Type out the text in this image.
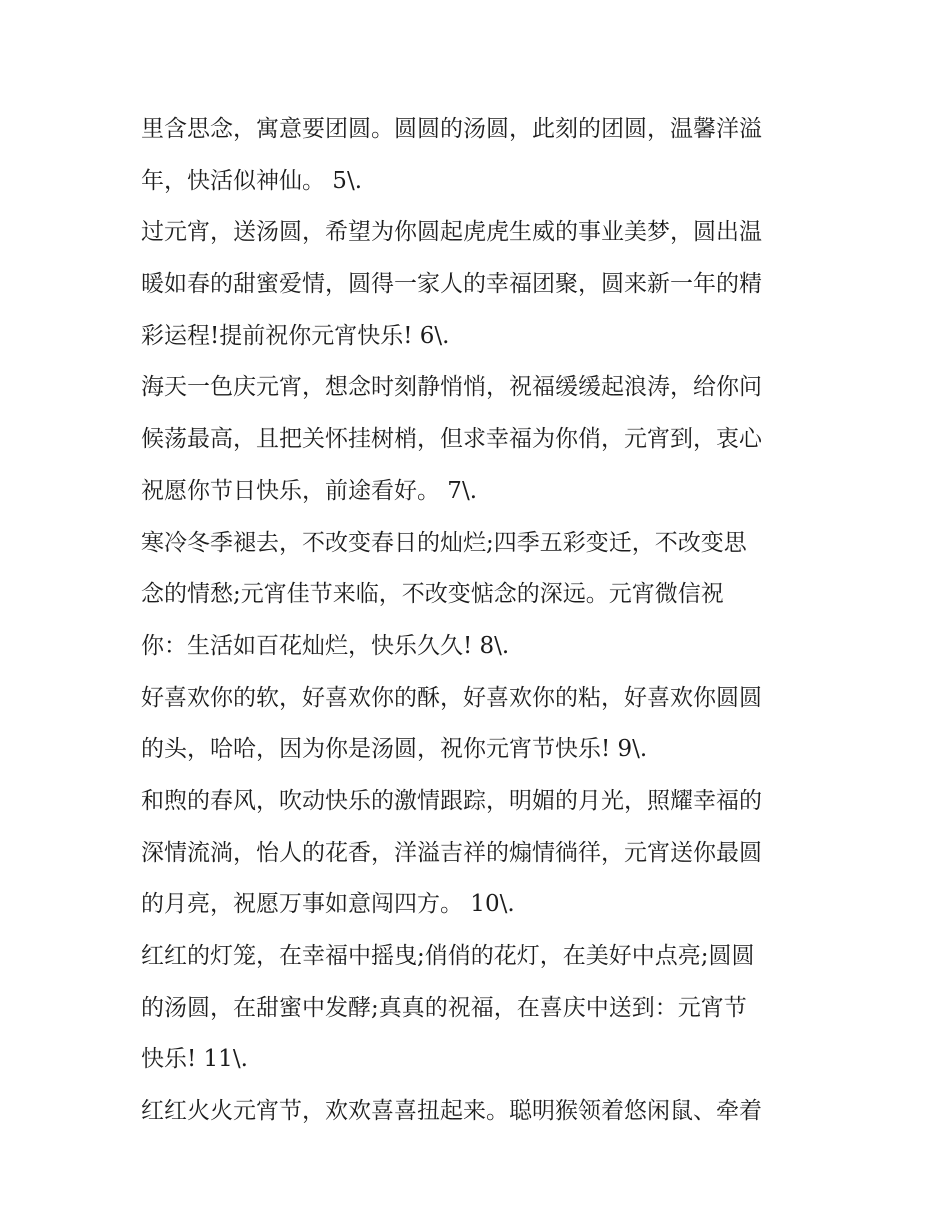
里含思念，寓意要团圆。圆圆的汤圆，此刻的团圆，温馨洋溢
年，快活似神仙。 5\.
过元宵，送汤圆，希望为你圆起虎虎生威的事业美梦，圆出温
暖如春的甜蜜爱情，圆得一家人的幸福团聚，圆来新一年的精
彩运程!提前祝你元宵快乐! 6\.
海天一色庆元宵，想念时刻静悄悄，祝福缓缓起浪涛，给你问
候荡最高，且把关怀挂树梢，但求幸福为你俏，元宵到，衷心
祝愿你节日快乐，前途看好。 7\.
寒冷冬季褪去，不改变春日的灿烂;四季五彩变迁，不改变思
念的情愁;元宵佳节来临，不改变惦念的深远。元宵微信祝
你：生活如百花灿烂，快乐久久! 8\.
好喜欢你的软，好喜欢你的酥，好喜欢你的粘，好喜欢你圆圆
的头，哈哈，因为你是汤圆，祝你元宵节快乐! 9\.
和煦的春风，吹动快乐的激情跟踪，明媚的月光，照耀幸福的
深情流淌，怡人的花香，洋溢吉祥的煽情徜徉，元宵送你最圆
的月亮，祝愿万事如意闯四方。 10\.
红红的灯笼，在幸福中摇曳;俏俏的花灯，在美好中点亮;圆圆
的汤圆，在甜蜜中发酵;真真的祝福，在喜庆中送到：元宵节
快乐! 11\.
红红火火元宵节，欢欢喜喜扭起来。聪明猴领着悠闲鼠、牵着
